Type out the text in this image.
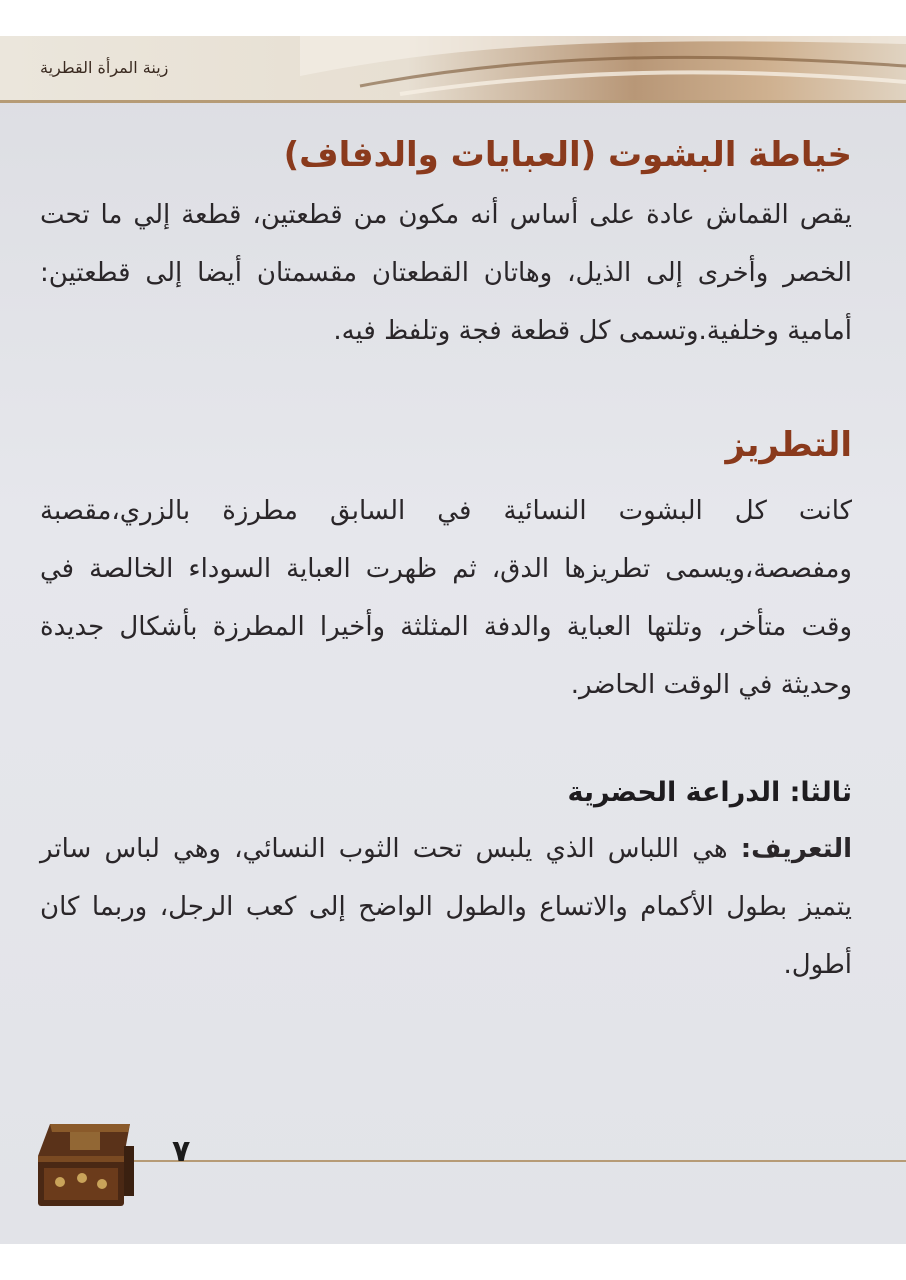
زينة المرأة القطرية
خياطة البشوت (العبايات والدفاف)

يقص القماش عادة على أساس أنه مكون من قطعتين، قطعة إلي ما تحت الخصر وأخرى إلى الذيل، وهاتان القطعتان مقسمتان أيضا إلى قطعتين: أمامية وخلفية.وتسمى كل قطعة فجة وتلفظ فيه.

التطريز

كانت كل البشوت النسائية في السابق مطرزة بالزري،مقصبة ومفصصة،ويسمى تطريزها الدق، ثم ظهرت العباية السوداء الخالصة في وقت متأخر، وتلتها العباية والدفة المثلثة وأخيرا المطرزة بأشكال جديدة وحديثة في الوقت الحاضر.

ثالثا: الدراعة الحضرية

التعريف: هي اللباس الذي يلبس تحت الثوب النسائي، وهي لباس ساتر يتميز بطول الأكمام والاتساع والطول الواضح إلى كعب الرجل، وربما كان أطول.

٧
